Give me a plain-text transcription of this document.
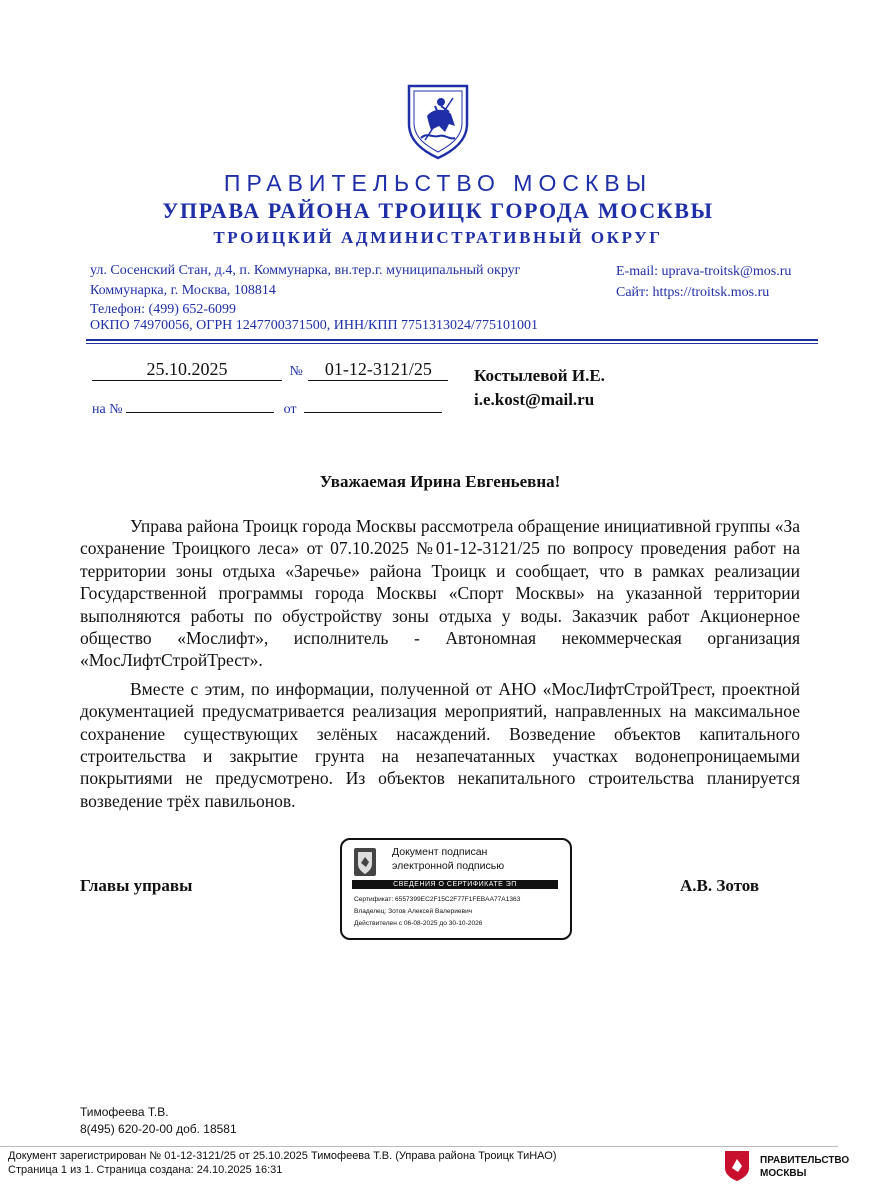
ПРАВИТЕЛЬСТВО МОСКВЫ
УПРАВА РАЙОНА ТРОИЦК ГОРОДА МОСКВЫ
ТРОИЦКИЙ АДМИНИСТРАТИВНЫЙ ОКРУГ
ул. Сосенский Стан, д.4, п. Коммунарка, вн.тер.г. муниципальный округ
Коммунарка, г. Москва, 108814
Телефон: (499) 652-6099
E-mail: uprava-troitsk@mos.ru
Сайт: https://troitsk.mos.ru
ОКПО 74970056, ОГРН 1247700371500, ИНН/КПП 7751313024/775101001
25.10.2025	№ 01-12-3121/25
на №	от
Костылевой И.Е.
i.e.kost@mail.ru
Уважаемая Ирина Евгеньевна!

Управа района Троицк города Москвы рассмотрела обращение инициативной группы «За сохранение Троицкого леса» от 07.10.2025 №01-12-3121/25 по вопросу проведения работ на территории зоны отдыха «Заречье» района Троицк и сообщает, что в рамках реализации Государственной программы города Москвы «Спорт Москвы» на указанной территории выполняются работы по обустройству зоны отдыха у воды. Заказчик работ Акционерное общество «Мослифт», исполнитель - Автономная некоммерческая организация «МосЛифтСтройТрест».

Вместе с этим, по информации, полученной от АНО «МосЛифтСтройТрест, проектной документацией предусматривается реализация мероприятий, направленных на максимальное сохранение существующих зелёных насаждений. Возведение объектов капитального строительства и закрытие грунта на незапечатанных участках водонепроницаемыми покрытиями не предусмотрено. Из объектов некапитального строительства планируется возведение трёх павильонов.

Главы управы	А.В. Зотов
Документ подписан
электронной подписью
СВЕДЕНИЯ О СЕРТИФИКАТЕ ЭП
Сертификат: 6557399EC2F15C2F77F1FEBAA77A1363
Владелец: Зотов Алексей Валериевич
Действителен с 06-08-2025 до 30-10-2026
Тимофеева Т.В.
8(495) 620-20-00 доб. 18581
Документ зарегистрирован № 01-12-3121/25 от 25.10.2025 Тимофеева Т.В. (Управа района Троицк ТиНАО)
Страница 1 из 1. Страница создана: 24.10.2025 16:31
ПРАВИТЕЛЬСТВО
МОСКВЫ
